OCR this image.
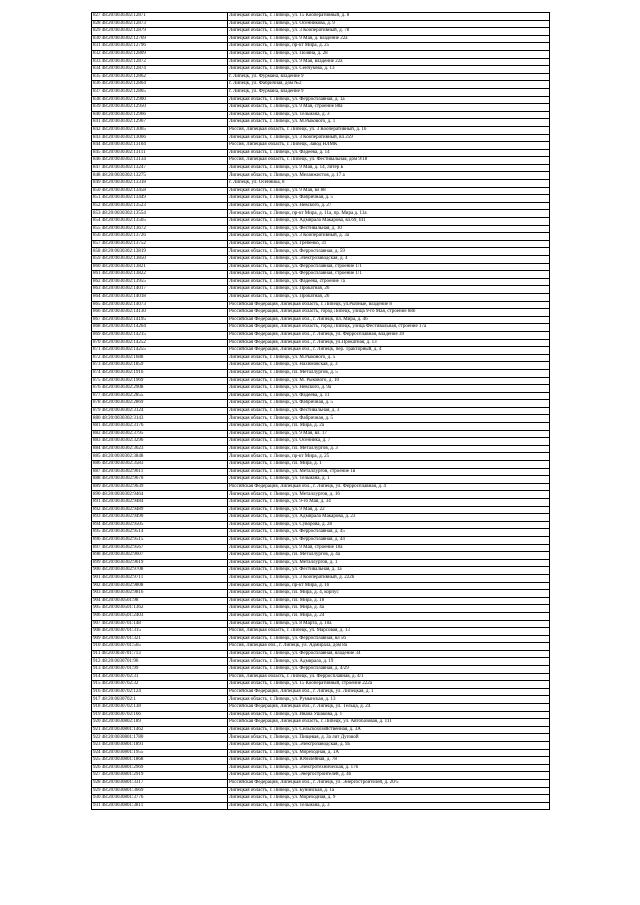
827 48:20:0030302:12871	Липецкая область, г. Липецк, ул. 15 Кооперативный, д. 8
828 48:20:0030302:12873	Липецкая область, г. Липецк, ул. Осенникова, д. 9
829 48:20:0030302:12879	Липецкая область, г. Липецк, ул. 3 Кооперативный, д. 78
830 48:20:0030302:12769	Липецкая область, г. Липецк, ул. 9 Мая, д. владение 22а
831 48:20:0030302:12796	Липецкая область, г. Липецк, пр-кт Мира, д. 25
832 48:20:0030302:12809	Липецкая область, г. Липецк, ул. Поляна, д. 28
833 48:20:0030302:12872	Липецкая область, г. Липецк, ул. 9 Мая, владение 22а
834 48:20:0030302:12874	Липецкая область, г. Липецк, ул. Сенчукова, д. 13
835 48:20:0030302:12862	г. Липецк, ул. Фурмана, владение 9
836 48:20:0030302:12864	г. Липецк, ул. Фабричная, дом №2
837 48:20:0030302:12865	г. Липецк, ул. Фурмана, владение 9
838 48:20:0030302:12900	Липецкая область, г. Липецк, ул. Ферросплавная, д. 1а
839 48:20:0030302:12950	Липецкая область, г. Липецк, ул. 9 Мая, строение 88а
840 48:20:0030302:12966	Липецкая область, г. Липецк, ул. Тельмана, д. 3
841 48:20:0030302:12967	Липецкая область, г. Липецк, ул. М.Рыкового, д. 1
842 48:20:0030302:13065	Россия, Липецкая область, г. Липецк, ул. 3 Кооперативный, д. 16
843 48:20:0030302:13066	Липецкая область, г. Липецк, ул. 3 Кооперативный, вл 259
844 48:20:0030302:13104	Россия, Липецкая область, г. Липецк, Завод НЛМК
845 48:20:0030302:13111	Липецкая область, г. Липецк, ул. Фадеева, д. 14
846 48:20:0030302:13134	Россия, Липецкая область, г. Липецк, ул. Фестивальная, дом 9/18
847 48:20:0030302:13247	Липецкая область, г. Липецк, ул. 9 Мая, д. 14, литер Б
848 48:20:0030302:13275	Липецкая область, г. Липецк, ул. Меланжистов, д. 17 а
849 48:20:0030302:13318	г. Липецк, ул. Осенника, 8
850 48:20:0030302:13458	Липецкая область, г. Липецк, ул. 9 Мая, вл 88
851 48:20:0030302:13449	Липецкая область, г. Липецк, ул. Фабричная, д. 5
852 48:20:0030302:13523	Липецкая область, г. Липецк, ул. Невского, д. 27
853 48:20:0030302:13554	Липецкая область, г. Липецк, пр-кт Мира, д. 11а, пр. Мира д. 11а
854 48:20:0030302:13565	Липецкая область, г. Липецк, ул. Адмирала Макарова, вл.69, lit1
855 48:20:0030302:13672	Липецкая область, г. Липецк, ул. Фестивальная, д. 10
856 48:20:0030302:13726	Липецкая область, г. Липецк, ул. 3 Кооперативный, д. 3а
857 48:20:0030302:13752	Липецкая область, г. Липецк, ул. Гребенко, 31
858 48:20:0030302:13819	Липецкая область, г. Липецк, ул. Ферросплавная, д. 59
859 48:20:0030302:13850	Липецкая область, г. Липецк, ул. Электрозаводская, д. 4
860 48:20:0030302:13821	Липецкая область, г. Липецк, ул. Ферросплавная, строение 1/1
861 48:20:0030302:13822	Липецкая область, г. Липецк, ул. Ферросплавная, строение 1/1
862 48:20:0030302:13955	Липецкая область, г. Липецк, ул. Фадеева, строение 7а
863 48:20:0030302:14017	Липецкая область, г. Липецк, ул. Прокатная, 26
864 48:20:0030302:14018	Липецкая область, г. Липецк, ул. Прокатная, 26
865 48:20:0030302:14073	Российская Федерация, Липецкая область, г. Липецк, ул.Рыбные, владение 8
866 48:20:0030302:14130	Российская Федерация, Липецкая область, город Липецк, улица 9-го Мая, строение 88б
867 48:20:0030302:14195	Российская Федерация, Липецкая обл., г. Липецк, пл. Мира, д. 46
868 48:20:0030302:14264	Российская Федерация, Липецкая область, город Липецк, улица Фестивальная, строение 17а
869 48:20:0030302:14215	Российская Федерация, Липецкая обл., г. Липецк, ул. Ферросплавная, владение 39
870 48:20:0030302:14252	Российская Федерация, Липецкая обл., г. Липецк, ул.Прокатная, д. 13
871 48:20:0030302:14255	Российская Федерация, Липецкая обл., г. Липецк, пер. Тракторный, д. 4
872 48:20:0030302:1688	Липецкая область, г. Липецк, ул. М.Рыкового, д. 5
873 48:20:0030302:1859	Липецкая область, г. Липецк, ул. Нахимовская, д. 3
874 48:20:0030302:1916	Липецкая область, г. Липецк, пл. Металлургов, д. 5
875 48:20:0030302:1969	Липецкая область, г. Липецк, ул. М. Рыкового, д. 10
876 48:20:0030302:2908	Липецкая область, г. Липецк, ул. Невского, д. 9а
877 48:20:0030302:2855	Липецкая область, г. Липецк, ул. Фадеева, д. 11
878 48:20:0030302:2869	Липецкая область, г. Липецк, ул. Фабричная, д. 5
879 48:20:0030302:3124	Липецкая область, г. Липецк, ул. Фестивальная, д. 3
880 48:20:0030302:3143	Липецкая область, г. Липецк, ул. Фабричная, д. 5
881 48:20:0030302:3176	Липецкая область, г. Липецк, пл. Мира, д. 2а
882 48:20:0030302:3795	Липецкая область, г. Липецк, ул. 9 Мая, вл. 17
883 48:20:0030302:3296	Липецкая область, г. Липецк, ул. Осенника, д. 7
884 48:20:0030302:3623	Липецкая область, г. Липецк, пл. Металлургов, д. 3
885 48:20:0030302:3848	Липецкая область, г. Липецк, пр-кт Мира, д. 25
886 48:20:0030302:3583	Липецкая область, г. Липецк, пл. Мира, д. 1
887 48:20:0030302:9611	Липецкая область, г. Липецк, ул. Металлургов, строение 1в
888 48:20:0030302:9670	Липецкая область, г. Липецк, ул. Тельмана, д. 1
889 48:20:0030302:9639	Российская Федерация, Липецкая обл., г. Липецк, ул. Ферросплавная, д. 4
890 48:20:0030302:9464	Липецкая область, г. Липецк, ул. Металлургов, д. 16
891 48:20:0030302:9484	Липецкая область, г. Липецк, ул. 9-го Мая, д. 34
892 48:20:0030302:9489	Липецкая область, г. Липецк, ул. 9 Мая, д. 22
893 48:20:0030302:9490	Липецкая область, г. Липецк, ул. Адмирала Макарова, д. 23
894 48:20:0030302:9505	Липецкая область, г. Липецк, ул. Суворова, д. 28
895 48:20:0030302:9514	Липецкая область, г. Липецк, ул. Ферросплавная, д. 45
896 48:20:0030302:9515	Липецкая область, г. Липецк, ул. Ферросплавная, д. 44
897 48:20:0030302:9567	Липецкая область, г. Липецк, ул. 9 Мая, строение 10а
898 48:20:0030302:9607	Липецкая область, г. Липецк, пл. Металлургов, д. 4а
899 48:20:0030302:9619	Липецкая область, г. Липецк, ул. Металлургов, д. 1
900 48:20:0030302:9708	Липецкая область, г. Липецк, ул. Фестивальная, д. 1а
901 48:20:0030302:9711	Липецкая область, г. Липецк, ул. 3 Кооперативный, д. 222б
902 48:20:0030302:9808	Липецкая область, г. Липецк, пр-кт Мира, д. 1б
903 48:20:0030302:9816	Липецкая область, г. Липецк, пл. Мира, д. 4, корпус
904 48:20:0030501:98	Липецкая область, г. Липецк, пл. Мира, д. 18
905 48:20:0030501:1362	Липецкая область, г. Липецк, пл. Мира, д. 4а
906 48:20:0030501:2403	Липецкая область, г. Липецк, пл. Мира, д. 24
907 48:20:0030701:148	Липецкая область, г. Липецк, ул. 8 Марта, д. 10а
908 48:20:0030701:315	Россия, Липецкая область, г. Липецк, ул. Марсовая, д. 13
909 48:20:0030701:321	Липецкая область, г. Липецк, ул. Ферросплавная, вл 56
910 48:20:0030701:565	Россия, Липецкая обл., г. Липецк, ул. Адмирала, дом 8а
911 48:20:0030701:713	Липецкая область, г. Липецк, ул. Ферросплавная, владение 34
912 48:20:0030701:96	Липецкая область, г. Липецк, ул. Адмирала, д. 19
913 48:20:0030701:99	Липецкая область, г. Липецк, ул. Ферросплавная, д. 4/29
914 48:20:0030702:31	Россия, Липецкая область, г. Липецк, ул. Ферросплавная, д. 4/1
915 48:20:0030702:32	Липецкая область, г. Липецк, ул. 15 Кооперативный, строение 222а
916 48:20:0030702:124	Российская Федерация, Липецкая обл., г. Липецк, ул. Липецкая, д. 1
917 48:20:0030702:1	Липецкая область, г. Липецк, ул. Румынская, д. 13
918 48:20:0030702:138	Российская Федерация, Липецкая обл., г. Липецк, ул. Тельца, д. 24
919 48:20:0030702:166	Липецкая область, г. Липецк, ул. Ивана Ушакова, д. 1
920 48:20:0030802:189	Российская Федерация, Липецкая область, г. Липецк, ул. Автобазовая, д. 111
921 48:20:0030801:1462	Липецкая область, г. Липецк, ул. Сельскохозяйственная, д. 3А
922 48:20:0030801:1780	Липецкая область, г. Липецк, ул. Пищевая, д. 3а лит Дуговой
923 48:20:0030801:1891	Липецкая область, г. Липецк, ул. Электрозаводская, д. 9а
924 48:20:0030801:1955	Липецкая область, г. Липецк, ул. Мореходная, д. 1А
925 48:20:0030801:1868	Липецкая область, г. Липецк, ул. Юбилейная, д. 78
926 48:20:0030801:2969	Липецкая область, г. Липецк, ул. Электротехническая, д. 17б
927 48:20:0030801:2919	Липецкая область, г. Липецк, ул. Энергостроителей, д. 4б
928 48:20:0030801:3317	Российская Федерация, Липецкая обл., г. Липецк, ул. Энергостроителей, д. 20/5
929 48:20:0030801:3669	Липецкая область, г. Липецк, ул. Бунинская, д. 1а
930 48:20:0030801:3776	Липецкая область, г. Липецк, ул. Мореходная, д. 9
931 48:20:0030801:3811	Липецкая область, г. Липецк, ул. Тельмана, д. 3
